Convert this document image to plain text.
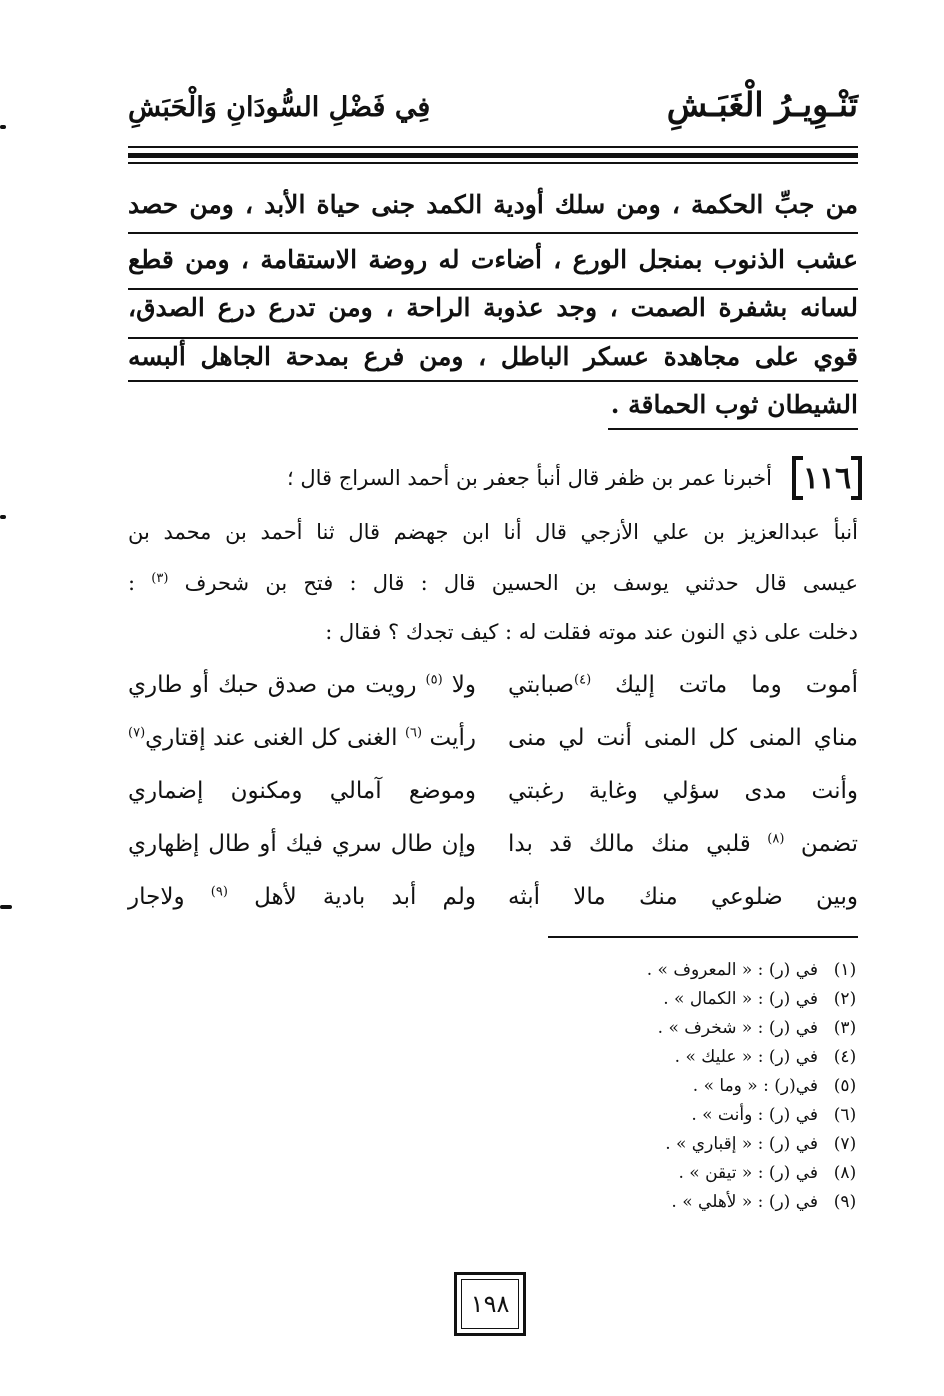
تَنْـوِيـرُ الْغَبَـشِ
فِي فَضْلِ السُّودَانِ وَالْحَبَشِ
من جبِّ الحكمة ، ومن سلك أودية الكمد جنى حياة الأبد ، ومن حصد
عشب الذنوب بمنجل الورع ، أضاءت له روضة الاستقامة ، ومن قطع
لسانه بشفرة الصمت ، وجد عذوبة الراحة ، ومن تدرع درع الصدق،
قوي على مجاهدة عسكر الباطل ، ومن فرع بمدحة الجاهل ألبسه
الشيطان ثوب الحماقة .
١١٦
أخبرنا عمر بن ظفر قال أنبأ جعفر بن أحمد السراج قال ؛
أنبأ عبدالعزيز بن علي الأزجي قال أنا ابن جهضم قال ثنا أحمد بن محمد بن
عيسى قال حدثني يوسف بن الحسين قال : قال : فتح بن شحرف $^{(٣)}$ :
دخلت على ذي النون عند موته فقلت له : كيف تجدك ؟ فقال :
أموت وما ماتت إليك $^{(٤)}$صبابتي
ولا $^{(٥)}$ رويت من صدق حبك أو طاري
مناي المنى كل المنى أنت لي منى
رأيت $^{(٦)}$ الغنى كل الغنى عند إقتاري$^{(٧)}$
وأنت مدى سؤلي وغاية رغبتي
وموضع آمالي ومكنون إضماري
تضمن $^{(٨)}$ قلبي منك مالك قد بدا
وإن طال سري فيك أو طال إظهاري
وبين ضلوعي منك مالا أبثه
ولم أبد بادية لأهل $^{(٩)}$ ولاجار
(١)
في (ر) : « المعروف » .
(٢)
في (ر) : « الكمال » .
(٣)
في (ر) : « شخرف » .
(٤)
في (ر) : « عليك » .
(٥)
في(ر) : « وما » .
(٦)
في (ر) : وأنت » .
(٧)
في (ر) : « إقباري » .
(٨)
في (ر) : « تيقن » .
(٩)
في (ر) : « لأهلي » .
١٩٨
